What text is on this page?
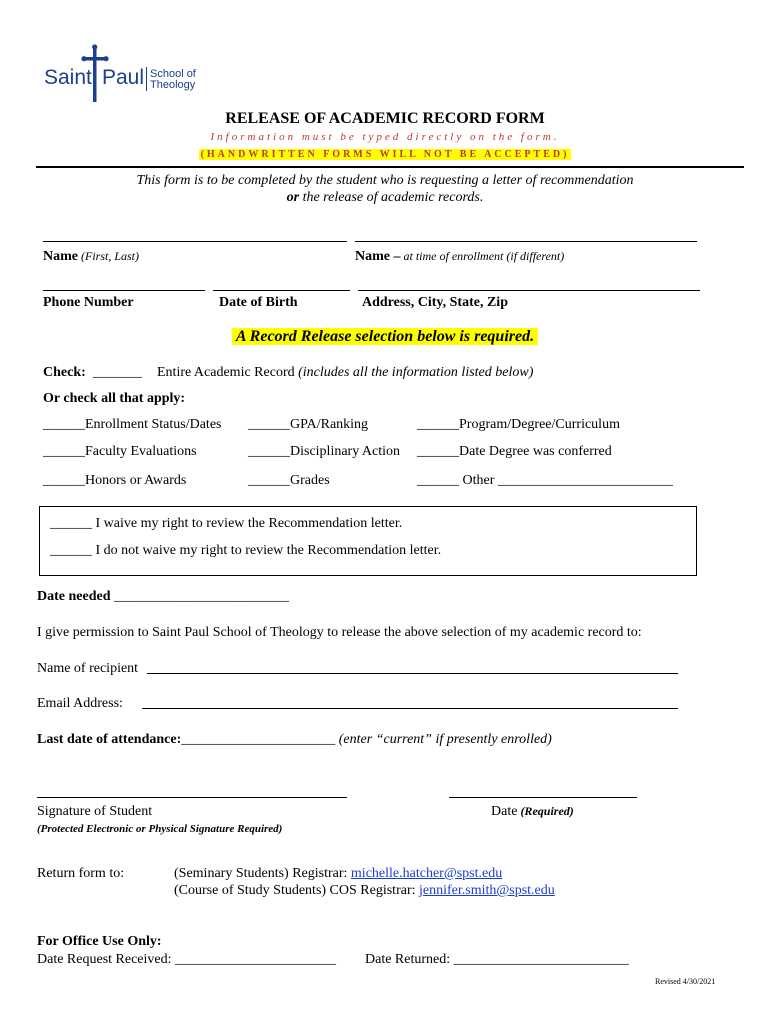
Saint Paul School of
Theology
RELEASE OF ACADEMIC RECORD FORM
Information must be typed directly on the form.
(HANDWRITTEN FORMS WILL NOT BE ACCEPTED)
This form is to be completed by the student who is requesting a letter of recommendation
or the release of academic records.
Name (First, Last)	Name – at time of enrollment (if different)
Phone Number	Date of Birth	Address, City, State, Zip
A Record Release selection below is required.
Check: _______ Entire Academic Record (includes all the information listed below)
Or check all that apply:
______Enrollment Status/Dates ______GPA/Ranking	______Program/Degree/Curriculum
______Faculty Evaluations	______Disciplinary Action ______Date Degree was conferred
______Honors or Awards	______Grades	______ Other _________________________
______ I waive my right to review the Recommendation letter.
______ I do not waive my right to review the Recommendation letter.
Date needed _________________________
I give permission to Saint Paul School of Theology to release the above selection of my academic record to:
Name of recipient
Email Address:
Last date of attendance:______________________ (enter “current” if presently enrolled)
Signature of Student	Date (Required)
(Protected Electronic or Physical Signature Required)
Return form to:	(Seminary Students) Registrar: michelle.hatcher@spst.edu
(Course of Study Students) COS Registrar: jennifer.smith@spst.edu
For Office Use Only:
Date Request Received: _______________________ Date Returned: _________________________
Revised 4/30/2021
